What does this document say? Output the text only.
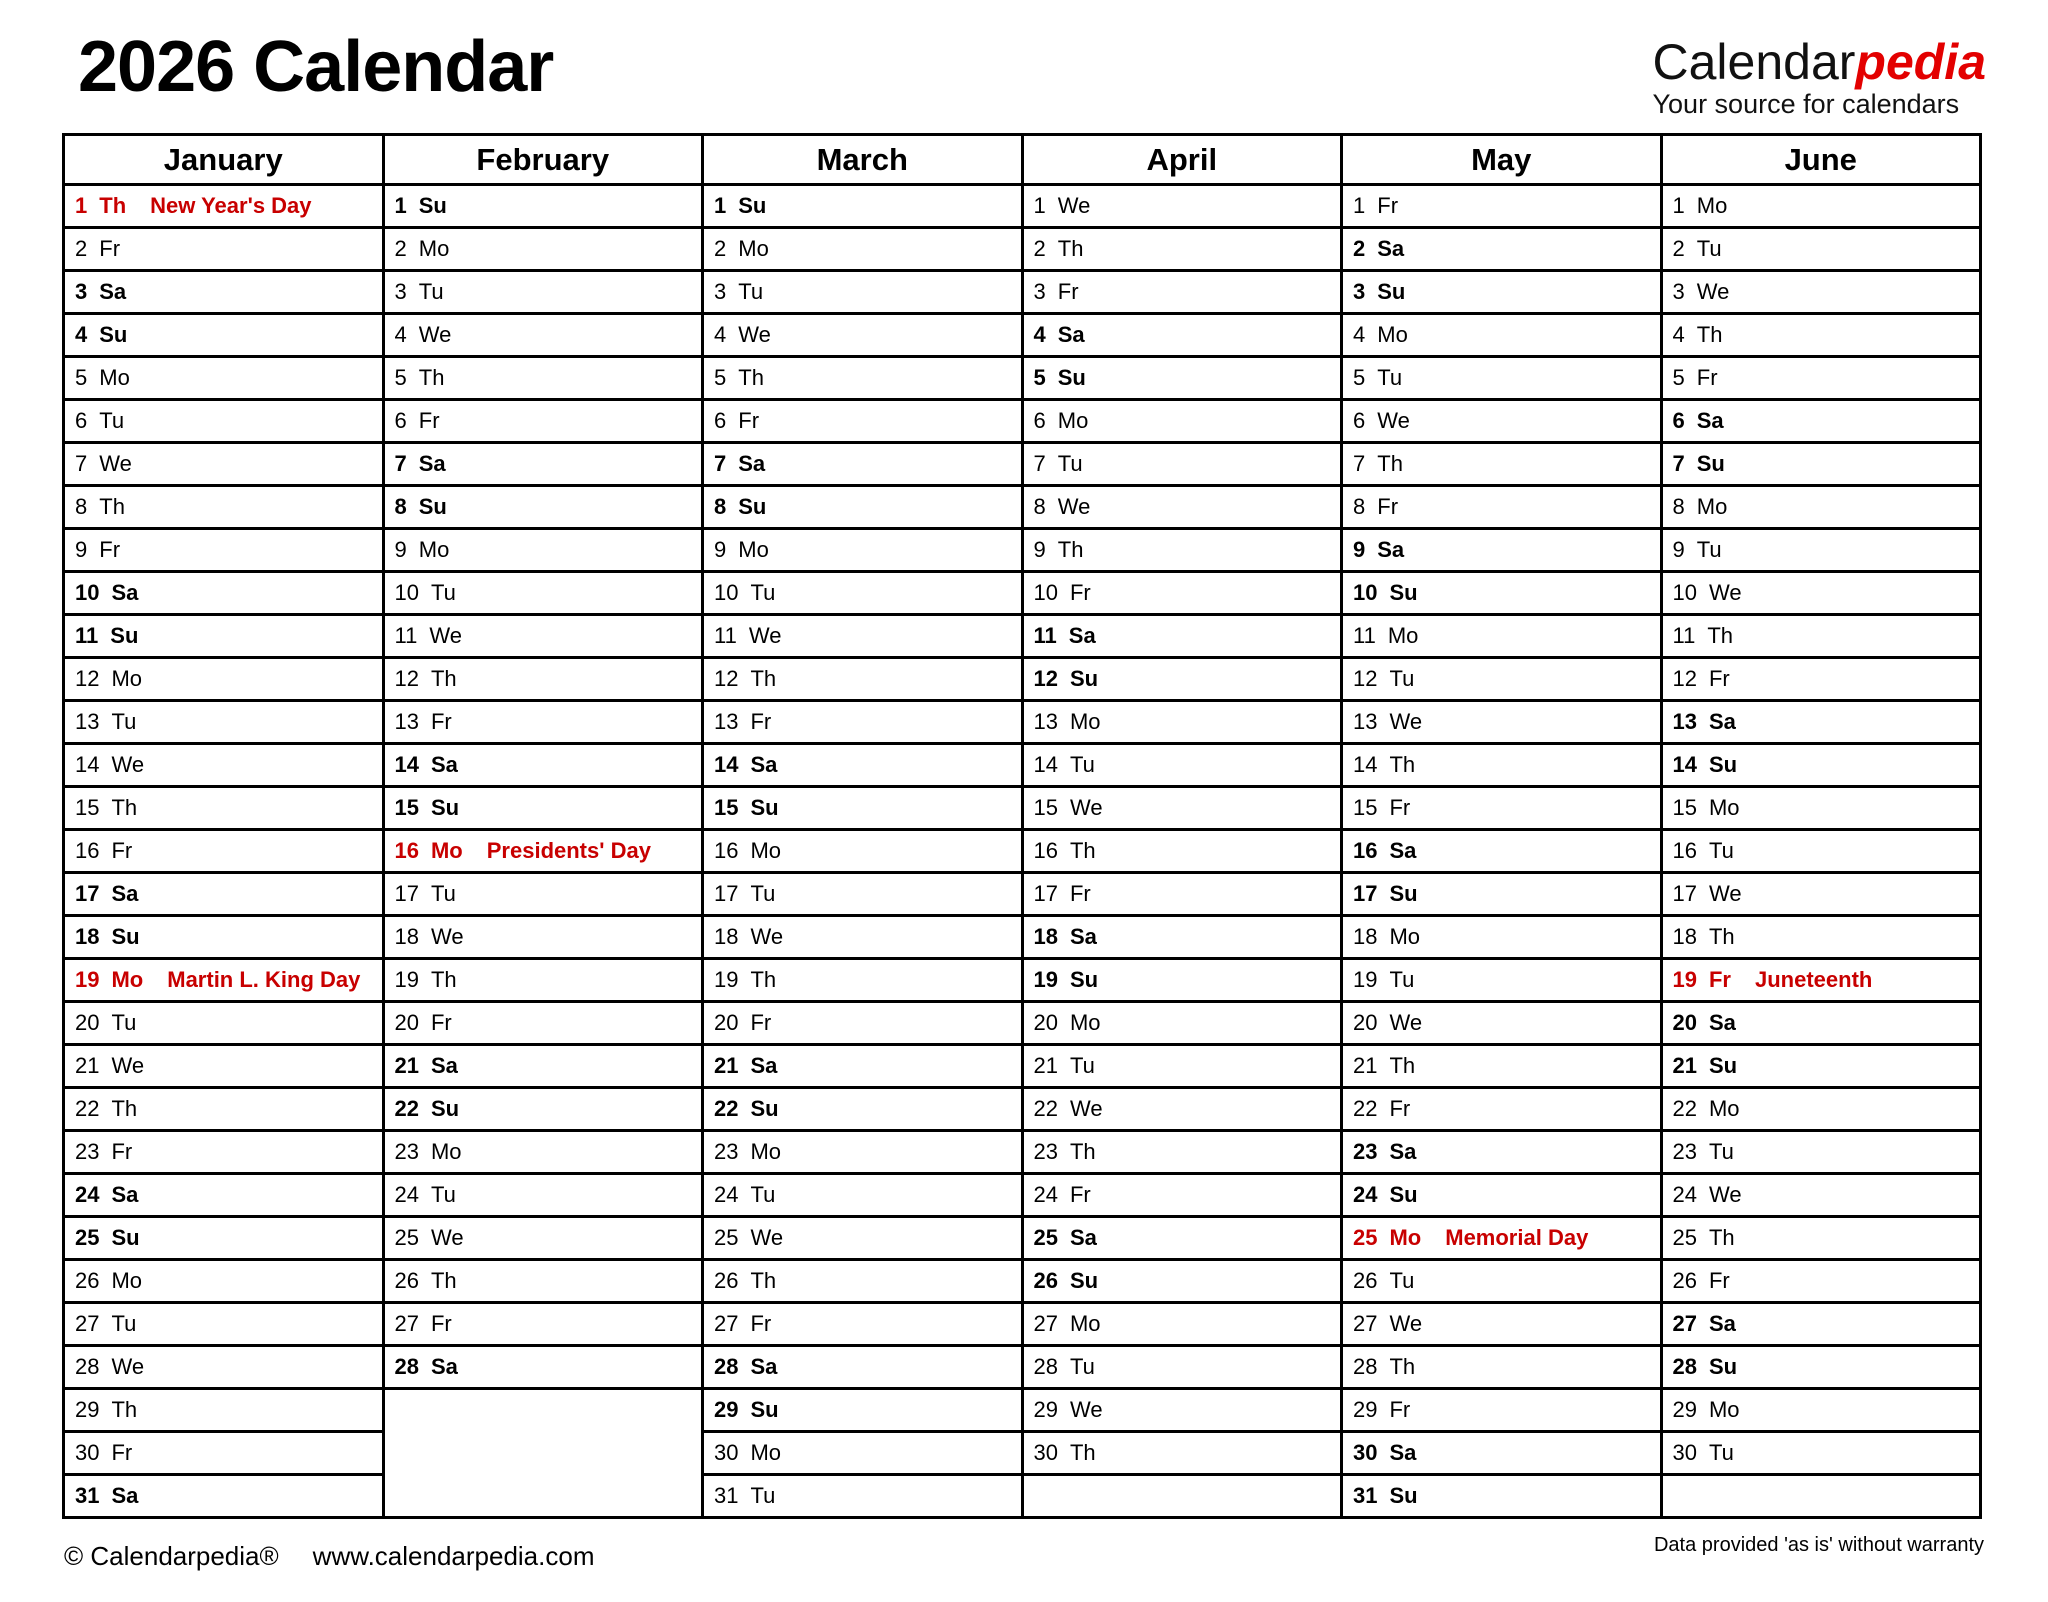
2026 Calendar	Calendarpedia
Your source for calendars
January	February	March	April	May	June
1 Th New Year's Day	1 Su	1 Su	1 We	1 Fr	1 Mo
2 Fr	2 Mo	2 Mo	2 Th	2 Sa	2 Tu
3 Sa	3 Tu	3 Tu	3 Fr	3 Su	3 We
4 Su	4 We	4 We	4 Sa	4 Mo	4 Th
5 Mo	5 Th	5 Th	5 Su	5 Tu	5 Fr
6 Tu	6 Fr	6 Fr	6 Mo	6 We	6 Sa
7 We	7 Sa	7 Sa	7 Tu	7 Th	7 Su
8 Th	8 Su	8 Su	8 We	8 Fr	8 Mo
9 Fr	9 Mo	9 Mo	9 Th	9 Sa	9 Tu
10 Sa	10 Tu	10 Tu	10 Fr	10 Su	10 We
11 Su	11 We	11 We	11 Sa	11 Mo	11 Th
12 Mo	12 Th	12 Th	12 Su	12 Tu	12 Fr
13 Tu	13 Fr	13 Fr	13 Mo	13 We	13 Sa
14 We	14 Sa	14 Sa	14 Tu	14 Th	14 Su
15 Th	15 Su	15 Su	15 We	15 Fr	15 Mo
16 Fr	16 Mo Presidents' Day	16 Mo	16 Th	16 Sa	16 Tu
17 Sa	17 Tu	17 Tu	17 Fr	17 Su	17 We
18 Su	18 We	18 We	18 Sa	18 Mo	18 Th
19 Mo Martin L. King Day	19 Th	19 Th	19 Su	19 Tu	19 Fr Juneteenth
20 Tu	20 Fr	20 Fr	20 Mo	20 We	20 Sa
21 We	21 Sa	21 Sa	21 Tu	21 Th	21 Su
22 Th	22 Su	22 Su	22 We	22 Fr	22 Mo
23 Fr	23 Mo	23 Mo	23 Th	23 Sa	23 Tu
24 Sa	24 Tu	24 Tu	24 Fr	24 Su	24 We
25 Su	25 We	25 We	25 Sa	25 Mo Memorial Day	25 Th
26 Mo	26 Th	26 Th	26 Su	26 Tu	26 Fr
27 Tu	27 Fr	27 Fr	27 Mo	27 We	27 Sa
28 We	28 Sa	28 Sa	28 Tu	28 Th	28 Su
29 Th		29 Su	29 We	29 Fr	29 Mo
30 Fr		30 Mo	30 Th	30 Sa	30 Tu
31 Sa		31 Tu		31 Su	
© Calendarpedia® www.calendarpedia.com	Data provided 'as is' without warranty
